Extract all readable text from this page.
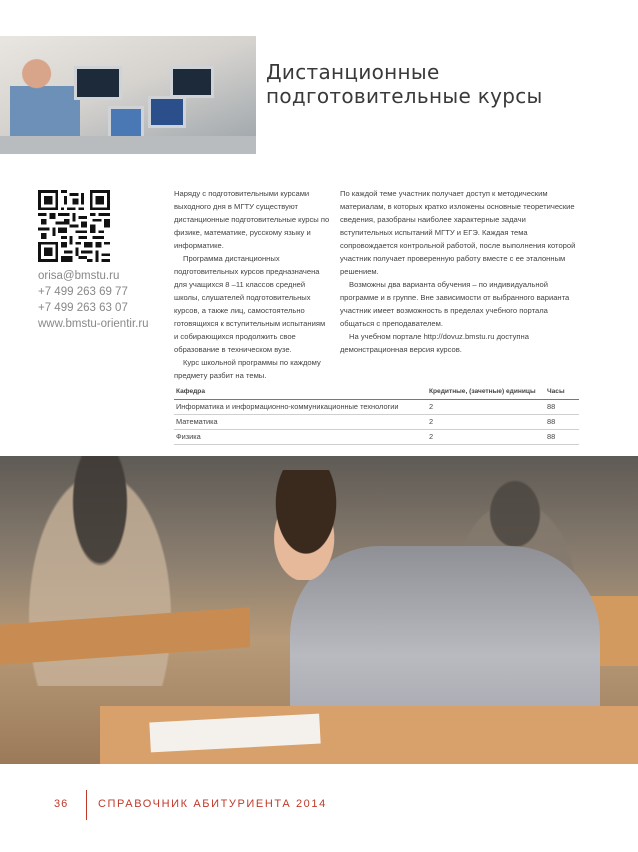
Дистанционные
подготовительные курсы
orisa@bmstu.ru
+7 499 263 69 77
+7 499 263 63 07
www.bmstu-orientir.ru

Наряду с подготовительными курсами выходного дня в МГТУ существуют дистанционные подготовительные курсы по физике, математике, русскому языку и информатике.

Программа дистанционных подготовительных курсов предназначена для учащихся 8 –11 классов средней школы, слушателей подготовительных курсов, а также лиц, самостоятельно готовящихся к вступительным испытаниям и собирающихся продолжить свое образование в техническом вузе.

Курс школьной программы по каждому предмету разбит на темы.

По каждой теме участник получает доступ к методическим материалам, в которых кратко изложены основные теоретические сведения, разобраны наиболее характерные задачи вступительных испытаний МГТУ и ЕГЭ. Каждая тема сопровождается контрольной работой, после выполнения которой участник получает проверенную работу вместе с ее эталонным решением.

Возможны два варианта обучения – по индивидуальной программе и в группе. Вне зависимости от выбранного варианта участник имеет возможность в пределах учебного портала общаться с преподавателем.

На учебном портале http://dovuz.bmstu.ru доступна демонстрационная версия курсов.

Кафедра	Кредитные, (зачетные) единицы	Часы
Информатика и информационно-коммуникационные технологии	2	88
Математика	2	88
Физика	2	88
36	СПРАВОЧНИК АБИТУРИЕНТА 2014
